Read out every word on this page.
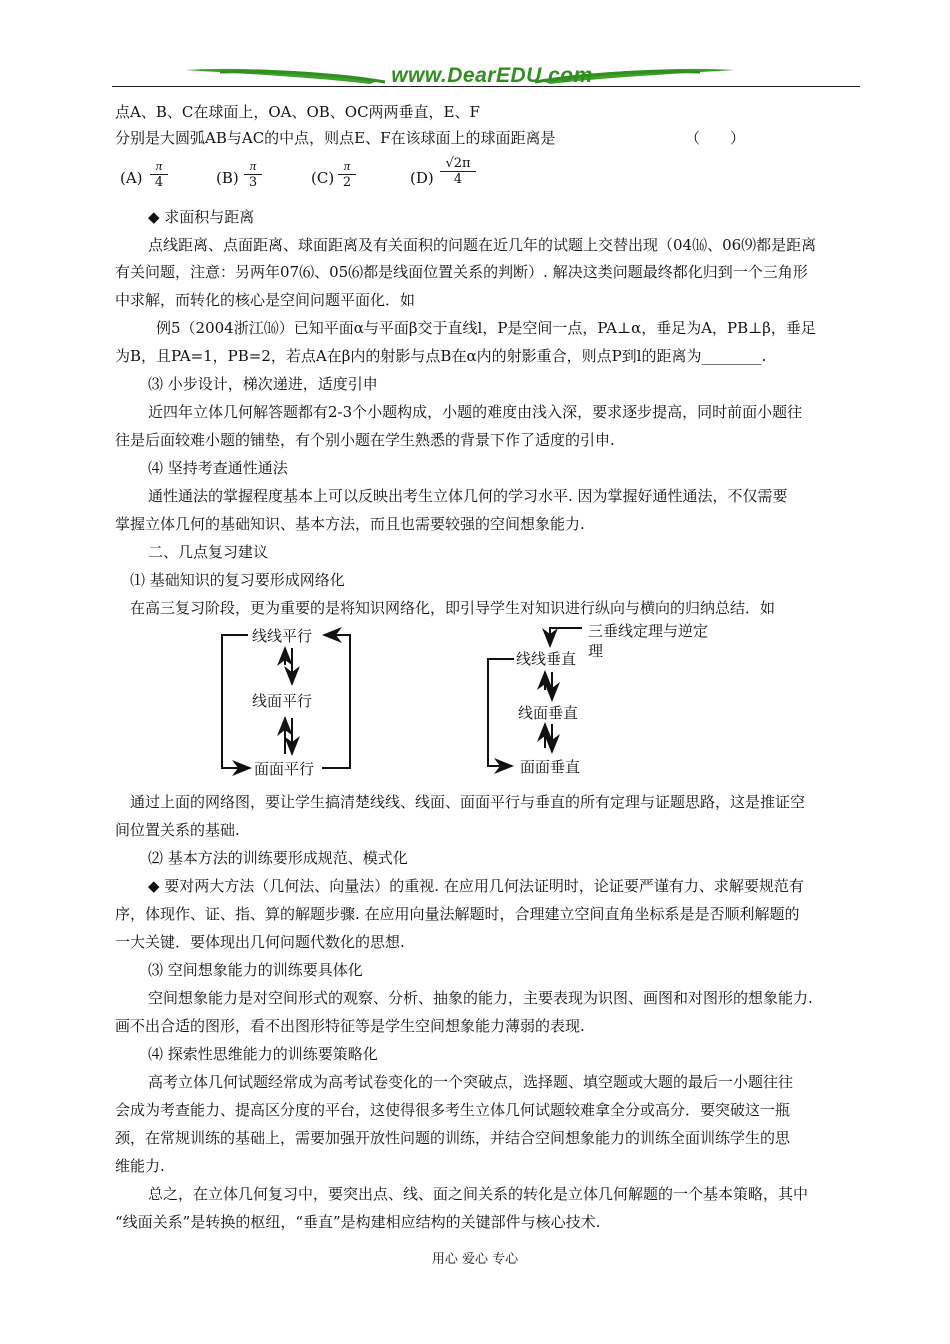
www.DearEDU.com
点A、B、C在球面上，OA、OB、OC两两垂直，E、F
分别是大圆弧AB与AC的中点，则点E、F在该球面上的球面距离是	（　　）
$(A) \frac{\pi}{4}$	$(B) \frac{\pi}{3}$	$(C) \frac{\pi}{2}$	$(D) \frac{√2\pi}{4}$
◆ 求面积与距离
点线距离、点面距离、球面距离及有关面积的问题在近几年的试题上交替出现（04⒃、06⑼都是距离
有关问题，注意：另两年07⑹、05⑹都是线面位置关系的判断）. 解决这类问题最终都化归到一个三角形
中求解，而转化的核心是空间问题平面化．如
例5（2004浙江⒃）已知平面α与平面β交于直线l，P是空间一点，PA⊥α，垂足为A，PB⊥β，垂足
为B，且PA=1，PB=2，若点A在β内的射影与点B在α内的射影重合，则点P到l的距离为________.
⑶ 小步设计，梯次递进，适度引申
近四年立体几何解答题都有2-3个小题构成，小题的难度由浅入深，要求逐步提高，同时前面小题往
往是后面较难小题的铺垫，有个别小题在学生熟悉的背景下作了适度的引申.
⑷ 坚持考查通性通法
通性通法的掌握程度基本上可以反映出考生立体几何的学习水平. 因为掌握好通性通法，不仅需要
掌握立体几何的基础知识、基本方法，而且也需要较强的空间想象能力.
二、几点复习建议
⑴ 基础知识的复习要形成网络化
在高三复习阶段，更为重要的是将知识网络化，即引导学生对知识进行纵向与横向的归纳总结．如
线线平行
线面平行
面面平行
三垂线定理与逆定
理
线线垂直
线面垂直
面面垂直
通过上面的网络图，要让学生搞清楚线线、线面、面面平行与垂直的所有定理与证题思路，这是推证空
间位置关系的基础.
⑵ 基本方法的训练要形成规范、模式化
◆ 要对两大方法（几何法、向量法）的重视. 在应用几何法证明时，论证要严谨有力、求解要规范有
序，体现作、证、指、算的解题步骤. 在应用向量法解题时，合理建立空间直角坐标系是是否顺利解题的
一大关键．要体现出几何问题代数化的思想.
⑶ 空间想象能力的训练要具体化
空间想象能力是对空间形式的观察、分析、抽象的能力，主要表现为识图、画图和对图形的想象能力.
画不出合适的图形，看不出图形特征等是学生空间想象能力薄弱的表现.
⑷ 探索性思维能力的训练要策略化
高考立体几何试题经常成为高考试卷变化的一个突破点，选择题、填空题或大题的最后一小题往往
会成为考查能力、提高区分度的平台，这使得很多考生立体几何试题较难拿全分或高分．要突破这一瓶
颈，在常规训练的基础上，需要加强开放性问题的训练，并结合空间想象能力的训练全面训练学生的思
维能力.
总之，在立体几何复习中，要突出点、线、面之间关系的转化是立体几何解题的一个基本策略，其中
“线面关系”是转换的枢纽，“垂直”是构建相应结构的关键部件与核心技术.
用心 爱心 专心
